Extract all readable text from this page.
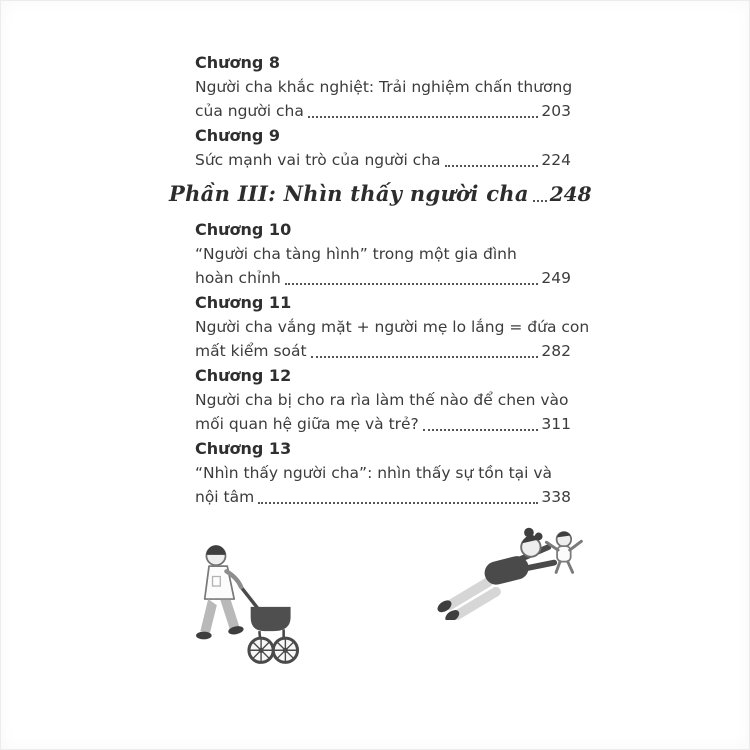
Chương 8
Người cha khắc nghiệt: Trải nghiệm chấn thương
của người cha	203
Chương 9
Sức mạnh vai trò của người cha	224
Phần III: Nhìn thấy người cha 248
Chương 10
“Người cha tàng hình” trong một gia đình
hoàn chỉnh	249
Chương 11
Người cha vắng mặt + người mẹ lo lắng = đứa con
mất kiểm soát	282
Chương 12
Người cha bị cho ra rìa làm thế nào để chen vào
mối quan hệ giữa mẹ và trẻ?	311
Chương 13
“Nhìn thấy người cha”: nhìn thấy sự tồn tại và
nội tâm	338
